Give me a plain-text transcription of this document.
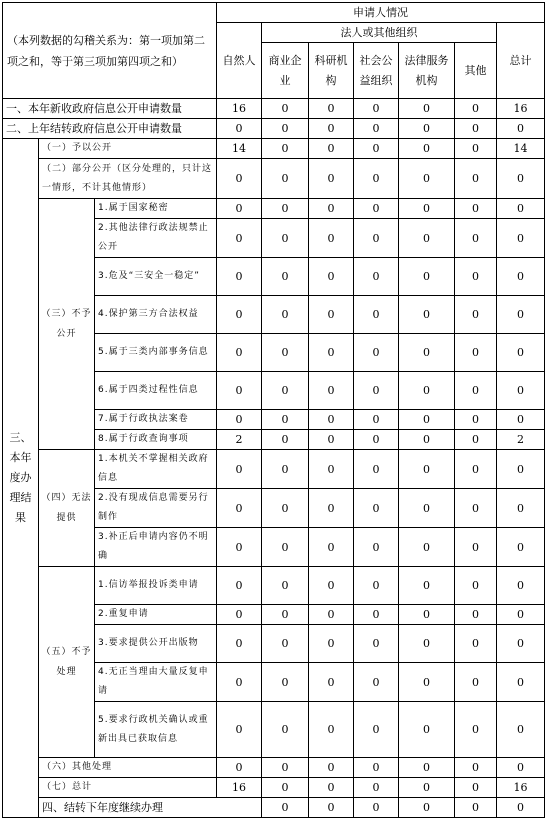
（本列数据的勾稽关系为：第一项加第二项之和，等于第三项加第四项之和）			申请人情况							
			自然人	法人或其他组织					总计	
				商业企业	科研机构	社会公益组织	法律服务机构	其他		
一、本年新收政府信息公开申请数量			16	0	0	0	0	0	16	
二、上年结转政府信息公开申请数量			0	0	0	0	0	0	0	
三、本年度办理结果	（一）予以公开		14	0	0	0	0	0	14	
	（二）部分公开（区分处理的，只计这一情形，不计其他情形）		0	0	0	0	0	0	0	
	（三）不予公开	1.属于国家秘密	0	0	0	0	0	0	0	
		2.其他法律行政法规禁止公开	0	0	0	0	0	0	0	
		3.危及“三安全一稳定”	0	0	0	0	0	0	0	
		4.保护第三方合法权益	0	0	0	0	0	0	0	
		5.属于三类内部事务信息	0	0	0	0	0	0	0	
		6.属于四类过程性信息	0	0	0	0	0	0	0	
		7.属于行政执法案卷	0	0	0	0	0	0	0	
		8.属于行政查询事项	2	0	0	0	0	0	2	
	（四）无法提供	1.本机关不掌握相关政府信息	0	0	0	0	0	0	0	
		2.没有现成信息需要另行制作	0	0	0	0	0	0	0	
		3.补正后申请内容仍不明确	0	0	0	0	0	0	0	
	（五）不予处理	1.信访举报投诉类申请	0	0	0	0	0	0	0	
		2.重复申请	0	0	0	0	0	0	0	
		3.要求提供公开出版物	0	0	0	0	0	0	0	
		4.无正当理由大量反复申请	0	0	0	0	0	0	0	
		5.要求行政机关确认或重新出具已获取信息	0	0	0	0	0	0	0	
	（六）其他处理		0	0	0	0	0	0	0	
	（七）总计		16	0	0	0	0	0	16	
	四、结转下年度继续办理			0	0	0	0	0	0	
